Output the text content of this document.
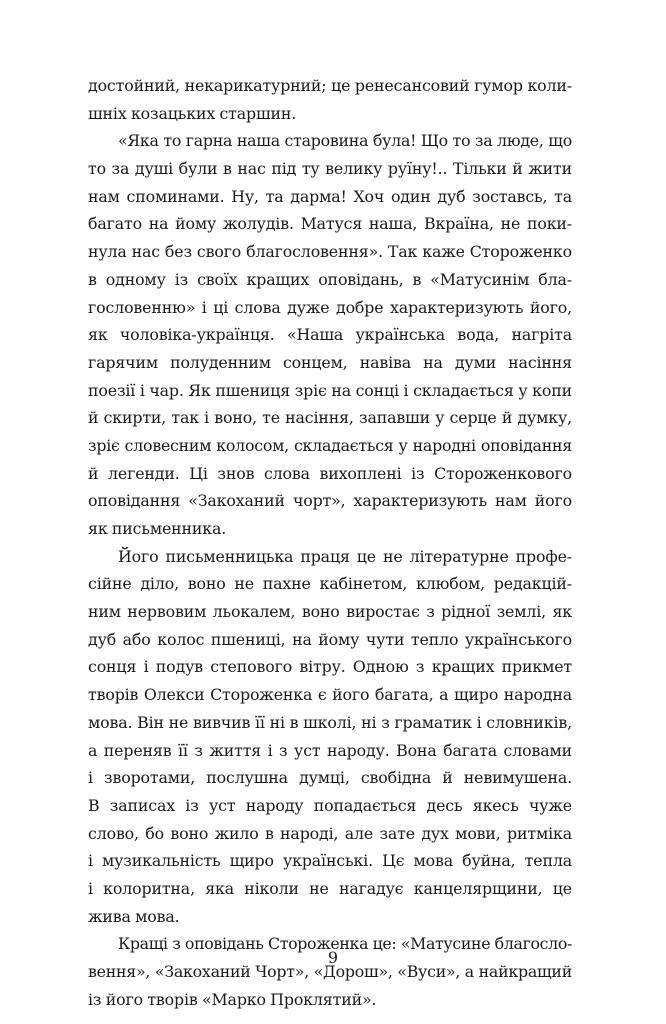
достойний, некарикатурний; це ренесансовий гумор коли-
шніх козацьких старшин.
«Яка то гарна наша старовина була! Що то за люде, що
то за душі були в нас під ту велику руїну!.. Тільки й жити
нам споминами. Ну, та дарма! Хоч один дуб зоставсь, та
багато на йому жолудів. Матуся наша, Вкраїна, не поки-
нула нас без свого благословення». Так каже Стороженко
в одному із своїх кращих оповідань, в «Матусинім бла-
гословенню» і ці слова дуже добре характеризують його,
як чоловіка-українця. «Наша українська вода, нагріта
гарячим полуденним сонцем, навіва на думи насіння
поезії і чар. Як пшениця зріє на сонці і складається у копи
й скирти, так і воно, те насіння, запавши у серце й думку,
зріє словесним колосом, складається у народні оповідання
й легенди. Ці знов слова вихоплені із Стороженкового
оповідання «Закоханий чорт», характеризують нам його
як письменника.
Його письменницька праця це не літературне профе-
сійне діло, воно не пахне кабінетом, клюбом, редакцій-
ним нервовим льокалем, воно виростає з рідної землі, як
дуб або колос пшениці, на йому чути тепло українського
сонця і подув степового вітру. Одною з кращих прикмет
творів Олекси Стороженка є його багата, а щиро народна
мова. Він не вивчив її ні в школі, ні з граматик і словників,
а переняв її з життя і з уст народу. Вона багата словами
і зворотами, послушна думці, свобідна й невимушена.
В записах із уст народу попадається десь якесь чуже
слово, бо воно жило в народі, але зате дух мови, ритміка
і музикальність щиро українські. Цє мова буйна, тепла
і колоритна, яка ніколи не нагадує канцелярщини, це
жива мова.
Кращі з оповідань Стороженка це: «Матусине благосло-
вення», «Закоханий Чорт», «Дорош», «Вуси», а найкращий
із його творів «Марко Проклятий».
9
